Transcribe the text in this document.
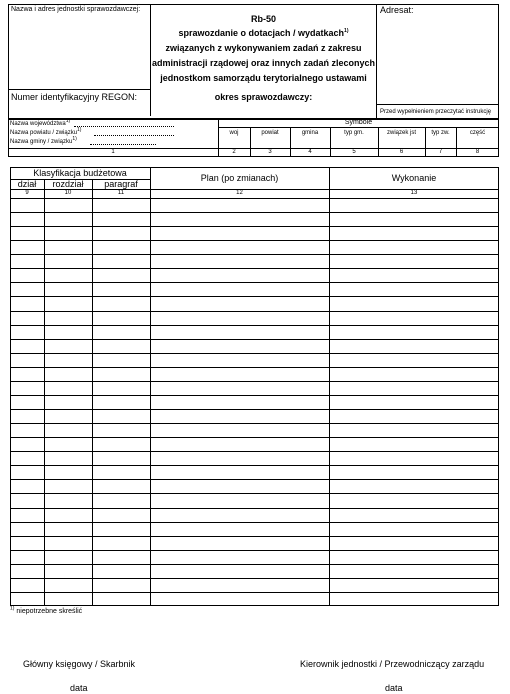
Nazwa i adres jednostki sprawozdawczej:	Adresat:
Rb-50
sprawozdanie o dotacjach / wydatkach$^{1)}$
związanych z wykonywaniem zadań z zakresu
administracji rządowej oraz innych zadań zleconych
jednostkom samorządu terytorialnego ustawami
Numer identyfikacyjny REGON:	okres sprawozdawczy:
Przed wypełnieniem przeczytać instrukcję
Nazwa województwa$^{1)}$
Nazwa powiatu / związku$^{1)}$
Nazwa gminy / związku$^{1)}$
1
Symbole
woj	powiat	gmina	typ gm.	związek jst	typ zw.	część
2	3	4	5	6	7	8
Klasyfikacja budżetowa
dział	rozdział	paragraf
Plan (po zmianach)	Wykonanie
9	10	11	12	13
$^{1)}$ niepotrzebne skreślić
Główny księgowy / Skarbnik
data
Kierownik jednostki / Przewodniczący zarządu
data
